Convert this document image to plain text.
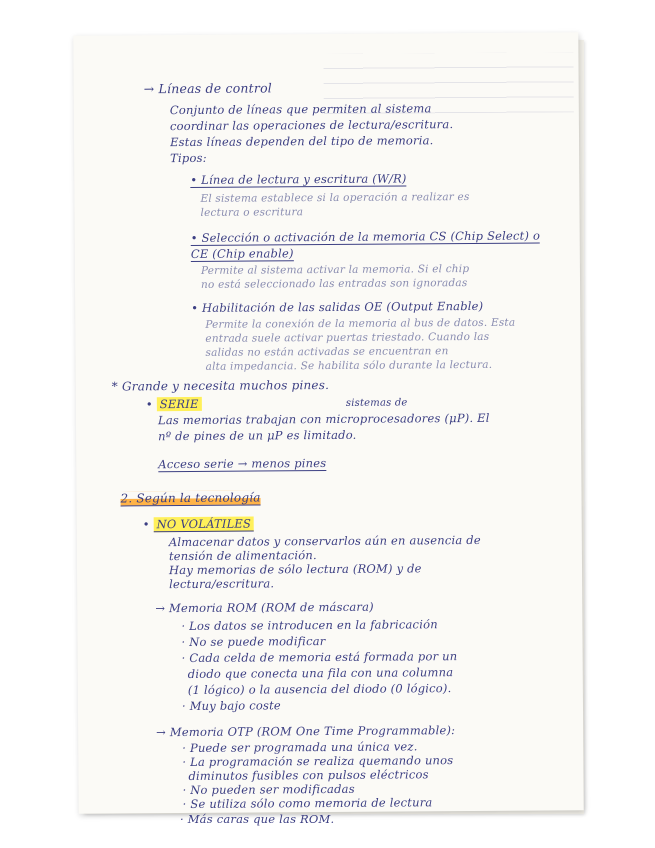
→ Líneas de control
Conjunto de líneas que permiten al sistema
coordinar las operaciones de lectura/escritura.
Estas líneas dependen del tipo de memoria.
Tipos:
• Línea de lectura y escritura (W/R)
El sistema establece si la operación a realizar es
lectura o escritura
• Selección o activación de la memoria CS (Chip Select) o
CE (Chip enable)
Permite al sistema activar la memoria. Si el chip
no está seleccionado las entradas son ignoradas
• Habilitación de las salidas OE (Output Enable)
Permite la conexión de la memoria al bus de datos. Esta
entrada suele activar puertas triestado. Cuando las
salidas no están activadas se encuentran en
alta impedancia. Se habilita sólo durante la lectura.
* Grande y necesita muchos pines.
• SERIE	sistemas de
Las memorias trabajan con microprocesadores (μP). El
nº de pines de un μP es limitado.
Acceso serie → menos pines
2. Según la tecnología
• NO VOLÁTILES
Almacenar datos y conservarlos aún en ausencia de
tensión de alimentación.
Hay memorias de sólo lectura (ROM) y de
lectura/escritura.
→ Memoria ROM (ROM de máscara)
· Los datos se introducen en la fabricación
· No se puede modificar
· Cada celda de memoria está formada por un
diodo que conecta una fila con una columna
(1 lógico) o la ausencia del diodo (0 lógico).
· Muy bajo coste
→ Memoria OTP (ROM One Time Programmable):
· Puede ser programada una única vez.
· La programación se realiza quemando unos
diminutos fusibles con pulsos eléctricos
· No pueden ser modificadas
· Se utiliza sólo como memoria de lectura
· Más caras que las ROM.
